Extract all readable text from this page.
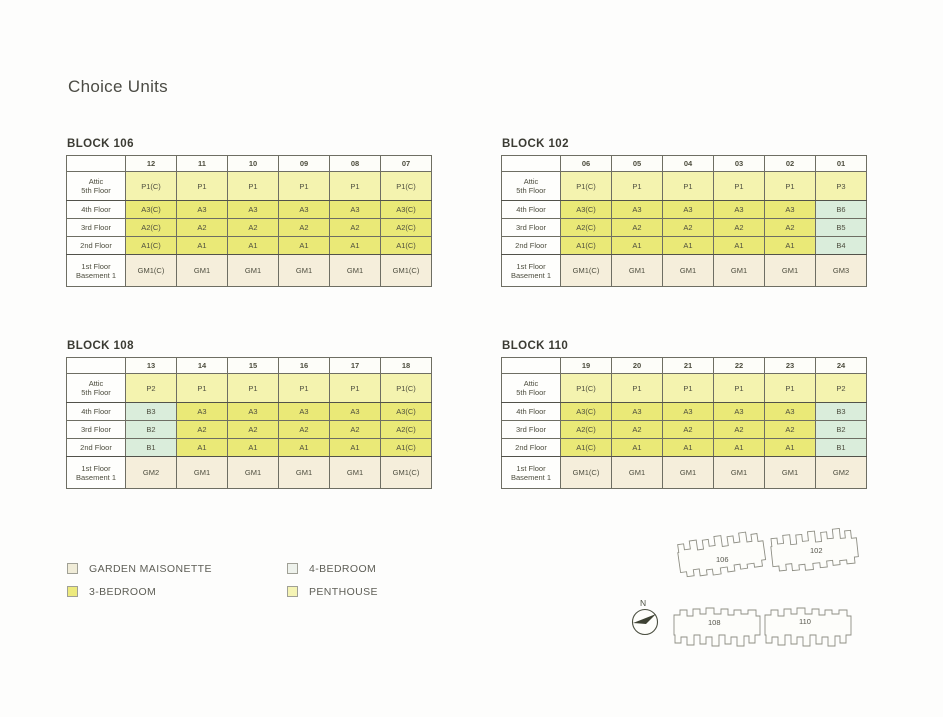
Choice Units
BLOCK 106
	12	11	10	09	08	07

Attic
5th Floor	P1(C)	P1	P1	P1	P1	P1(C)

4th Floor	A3(C)	A3	A3	A3	A3	A3(C)

3rd Floor	A2(C)	A2	A2	A2	A2	A2(C)

2nd Floor	A1(C)	A1	A1	A1	A1	A1(C)

1st Floor
Basement 1	GM1(C)	GM1	GM1	GM1	GM1	GM1(C)
BLOCK 102
	06	05	04	03	02	01

Attic
5th Floor	P1(C)	P1	P1	P1	P1	P3

4th Floor	A3(C)	A3	A3	A3	A3	B6

3rd Floor	A2(C)	A2	A2	A2	A2	B5

2nd Floor	A1(C)	A1	A1	A1	A1	B4

1st Floor
Basement 1	GM1(C)	GM1	GM1	GM1	GM1	GM3
BLOCK 108
	13	14	15	16	17	18

Attic
5th Floor	P2	P1	P1	P1	P1	P1(C)

4th Floor	B3	A3	A3	A3	A3	A3(C)

3rd Floor	B2	A2	A2	A2	A2	A2(C)

2nd Floor	B1	A1	A1	A1	A1	A1(C)

1st Floor
Basement 1	GM2	GM1	GM1	GM1	GM1	GM1(C)
BLOCK 110
	19	20	21	22	23	24

Attic
5th Floor	P1(C)	P1	P1	P1	P1	P2

4th Floor	A3(C)	A3	A3	A3	A3	B3

3rd Floor	A2(C)	A2	A2	A2	A2	B2

2nd Floor	A1(C)	A1	A1	A1	A1	B1

1st Floor
Basement 1	GM1(C)	GM1	GM1	GM1	GM1	GM2
GARDEN MAISONETTE	4-BEDROOM
3-BEDROOM	PENTHOUSE
106
102
108	110
N
